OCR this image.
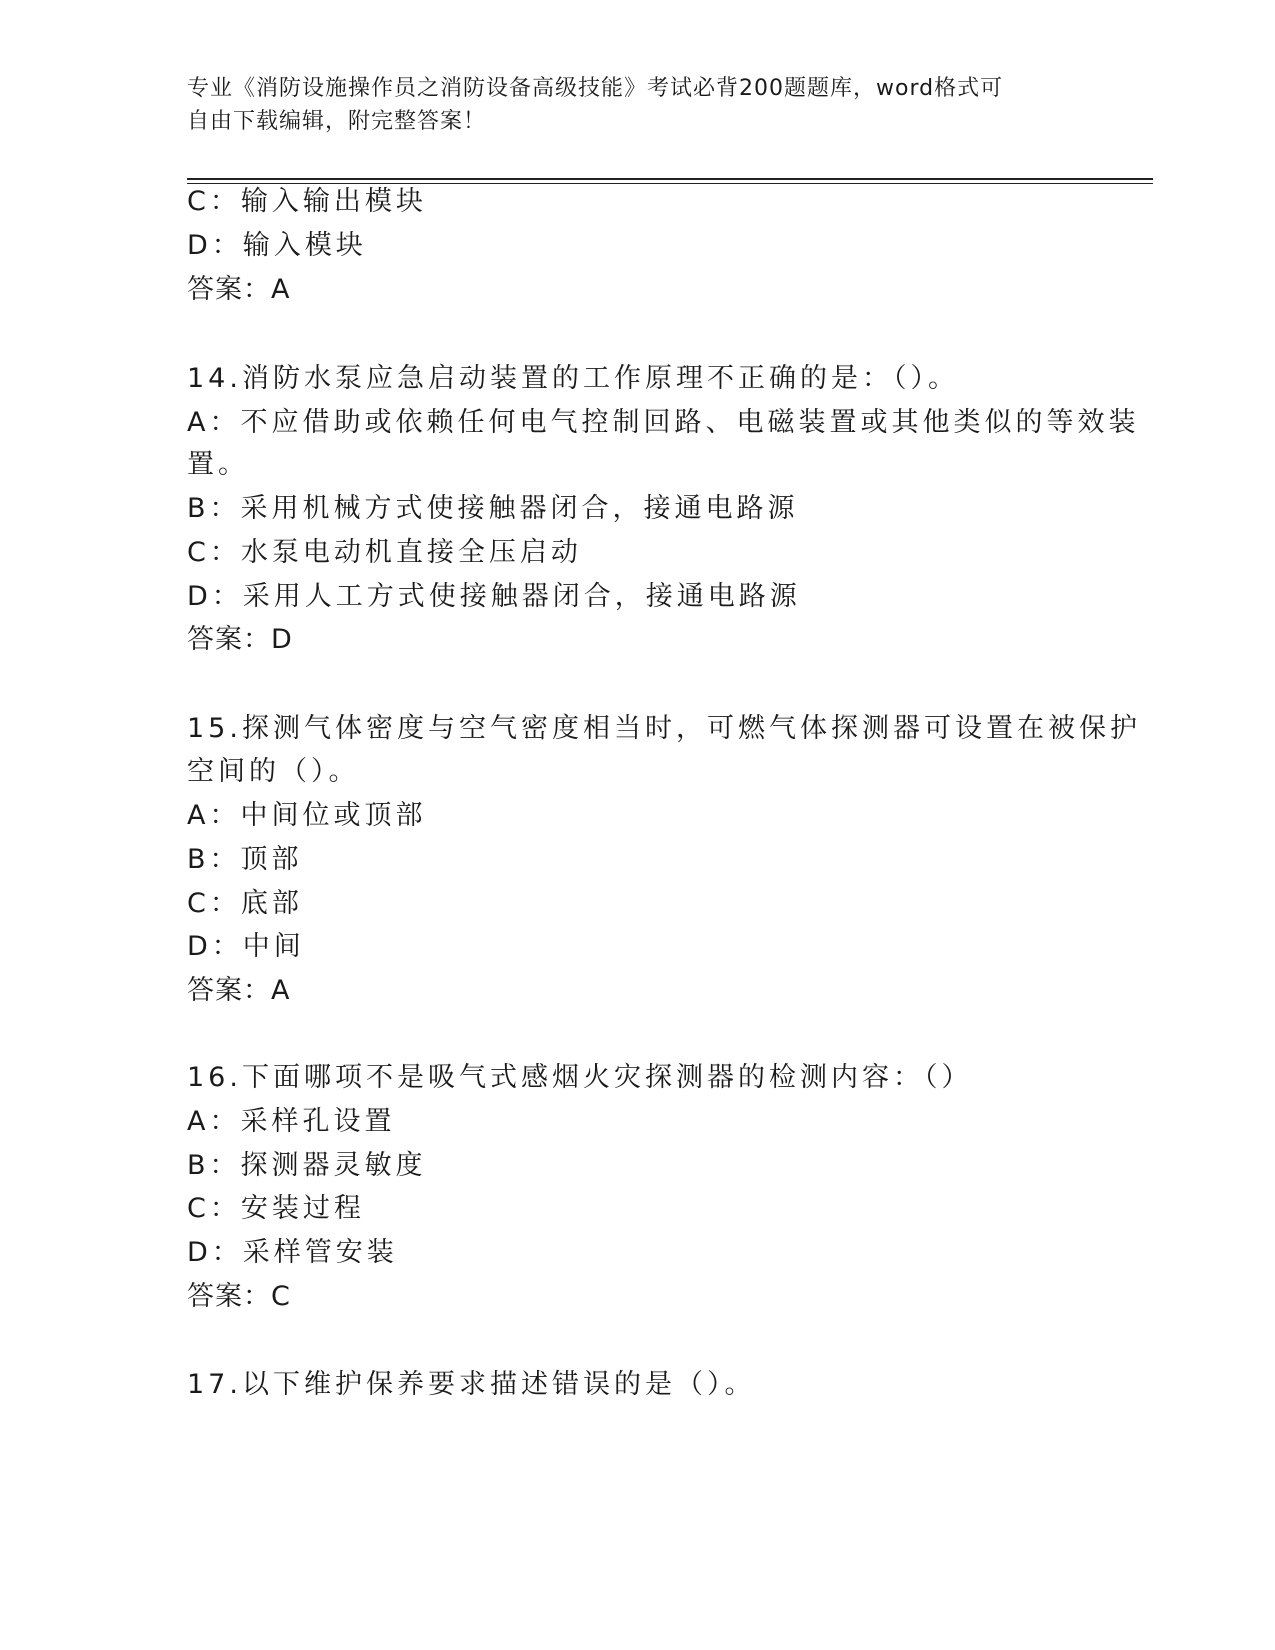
专业《消防设施操作员之消防设备高级技能》考试必背200题题库，word格式可
自由下载编辑，附完整答案！
C：输入输出模块
D：输入模块
答案：A
14.消防水泵应急启动装置的工作原理不正确的是：（）。
A：不应借助或依赖任何电气控制回路、电磁装置或其他类似的等效装
置。
B：采用机械方式使接触器闭合，接通电路源
C：水泵电动机直接全压启动
D：采用人工方式使接触器闭合，接通电路源
答案：D
15.探测气体密度与空气密度相当时，可燃气体探测器可设置在被保护
空间的（）。
A：中间位或顶部
B：顶部
C：底部
D：中间
答案：A
16.下面哪项不是吸气式感烟火灾探测器的检测内容：（）
A：采样孔设置
B：探测器灵敏度
C：安装过程
D：采样管安装
答案：C
17.以下维护保养要求描述错误的是（）。
